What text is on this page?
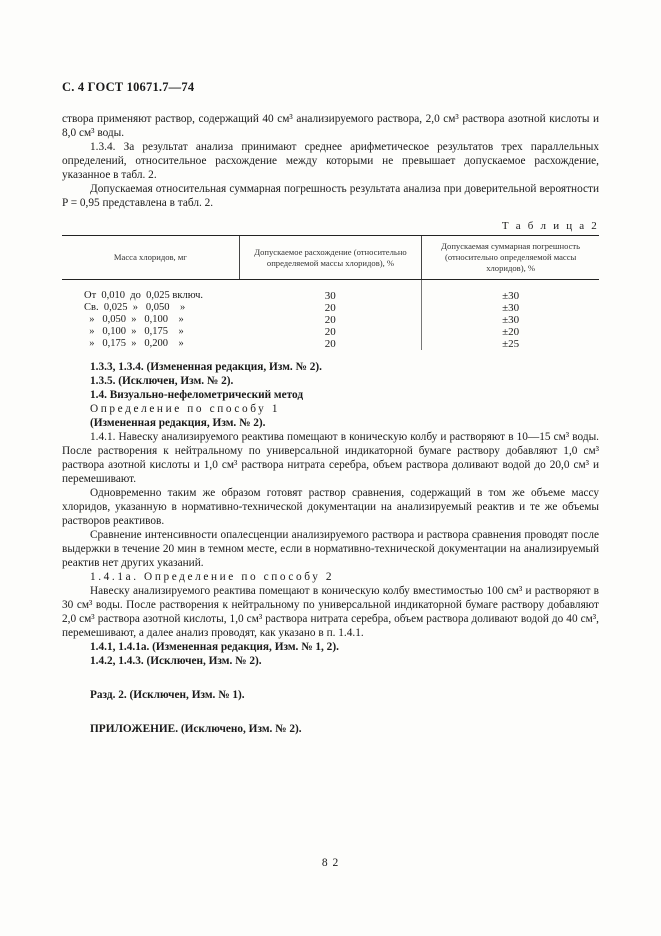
С. 4 ГОСТ 10671.7—74

створа применяют раствор, содержащий 40 см³ анализируемого раствора, 2,0 см³ раствора азотной кислоты и 8,0 см³ воды.

1.3.4. За результат анализа принимают среднее арифметическое результатов трех параллельных определений, относительное расхождение между которыми не превышает допускаемое расхождение, указанное в табл. 2.

Допускаемая относительная суммарная погрешность результата анализа при доверительной вероятности P = 0,95 представлена в табл. 2.

Т а б л и ц а 2
Масса хлоридов, мг	Допускаемое расхождение (относительно определяемой массы хлоридов), %	Допускаемая суммарная погрешность (относительно определяемой массы хлоридов), %
От  0,010  до  0,025 включ.	30	±30
Св.  0,025  »   0,050    »	20	±30
»   0,050  »   0,100    »	20	±30
»   0,100  »   0,175    »	20	±20
»   0,175  »   0,200    »	20	±25

1.3.3, 1.3.4. (Измененная редакция, Изм. № 2).

1.3.5. (Исключен, Изм. № 2).

1.4. Визуально-нефелометрический метод

Определение по способу 1

(Измененная редакция, Изм. № 2).

1.4.1. Навеску анализируемого реактива помещают в коническую колбу и растворяют в 10—15 см³ воды. После растворения к нейтральному по универсальной индикаторной бумаге раствору добавляют 1,0 см³ раствора азотной кислоты и 1,0 см³ раствора нитрата серебра, объем раствора доливают водой до 20,0 см³ и перемешивают.

Одновременно таким же образом готовят раствор сравнения, содержащий в том же объеме массу хлоридов, указанную в нормативно-технической документации на анализируемый реактив и те же объемы растворов реактивов.

Сравнение интенсивности опалесценции анализируемого раствора и раствора сравнения проводят после выдержки в течение 20 мин в темном месте, если в нормативно-технической документации на анализируемый реактив нет других указаний.

1.4.1а. Определение по способу 2

Навеску анализируемого реактива помещают в коническую колбу вместимостью 100 см³ и растворяют в 30 см³ воды. После растворения к нейтральному по универсальной индикаторной бумаге раствору добавляют 2,0 см³ раствора азотной кислоты, 1,0 см³ раствора нитрата серебра, объем раствора доливают водой до 40 см³, перемешивают, а далее анализ проводят, как указано в п. 1.4.1.

1.4.1, 1.4.1а. (Измененная редакция, Изм. № 1, 2).

1.4.2, 1.4.3. (Исключен, Изм. № 2).

Разд. 2. (Исключен, Изм. № 1).

ПРИЛОЖЕНИЕ. (Исключено, Изм. № 2).

8 2
